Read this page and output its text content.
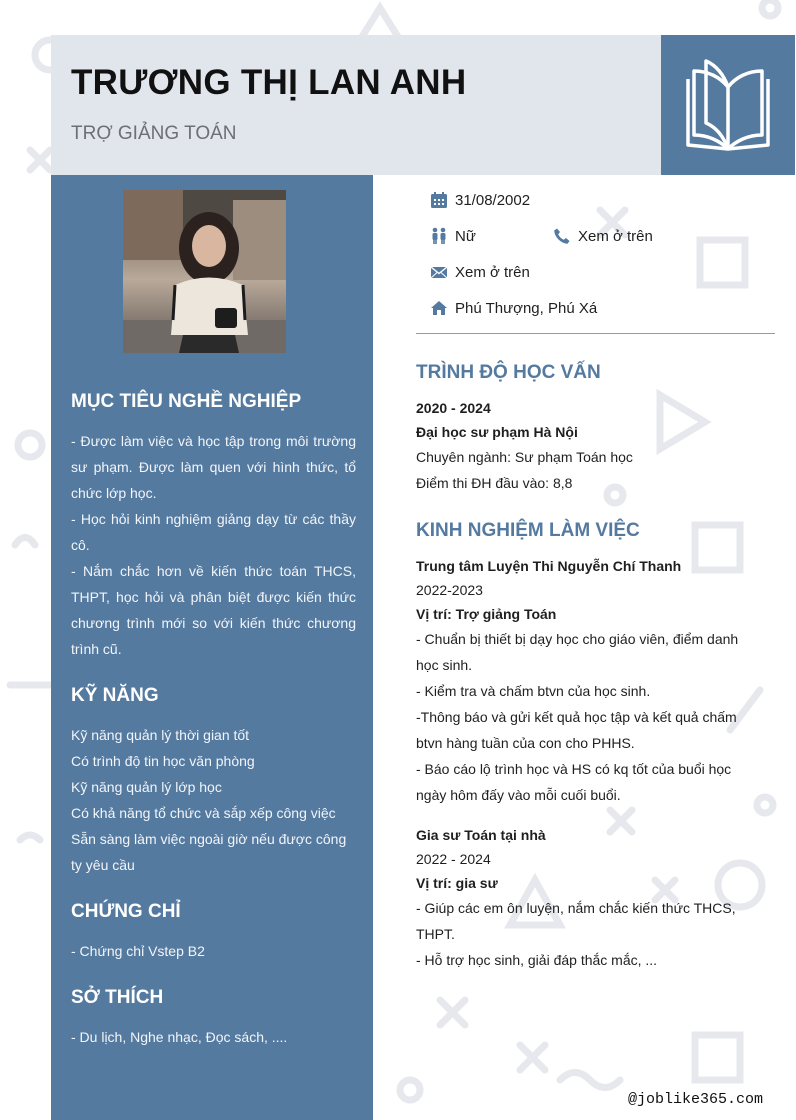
TRƯƠNG THỊ LAN ANH
TRỢ GIẢNG TOÁN
MỤC TIÊU NGHỀ NGHIỆP

- Được làm việc và học tập trong môi trường sư phạm. Được làm quen với hình thức, tổ chức lớp học.

- Học hỏi kinh nghiệm giảng dạy từ các thầy cô.

- Nắm chắc hơn về kiến thức toán THCS, THPT, học hỏi và phân biệt được kiến thức chương trình mới so với kiến thức chương trình cũ.

KỸ NĂNG

Kỹ năng quản lý thời gian tốt

Có trình độ tin học văn phòng

Kỹ năng quản lý lớp học

Có khả năng tổ chức và sắp xếp công việc

Sẵn sàng làm việc ngoài giờ nếu được công ty yêu cầu

CHỨNG CHỈ

- Chứng chỉ Vstep B2

SỞ THÍCH

- Du lịch, Nghe nhạc, Đọc sách, ....

31/08/2002
Nữ	Xem ở trên
Xem ở trên
Phú Thượng, Phú Xá
TRÌNH ĐỘ HỌC VẤN

2020 - 2024

Đại học sư phạm Hà Nội

Chuyên ngành: Sư phạm Toán học

Điểm thi ĐH đầu vào: 8,8

KINH NGHIỆM LÀM VIỆC

Trung tâm Luyện Thi Nguyễn Chí Thanh

2022-2023

Vị trí: Trợ giảng Toán

- Chuẩn bị thiết bị dạy học cho giáo viên, điểm danh học sinh.

- Kiểm tra và chấm btvn của học sinh.

-Thông báo và gửi kết quả học tập và kết quả chấm btvn hàng tuần của con cho PHHS.

- Báo cáo lộ trình học và HS có kq tốt của buổi học ngày hôm đấy vào mỗi cuối buổi.

Gia sư Toán tại nhà

2022 - 2024

Vị trí: gia sư

- Giúp các em ôn luyện, nắm chắc kiến thức THCS, THPT.

- Hỗ trợ học sinh, giải đáp thắc mắc, ...

@joblike365.com
